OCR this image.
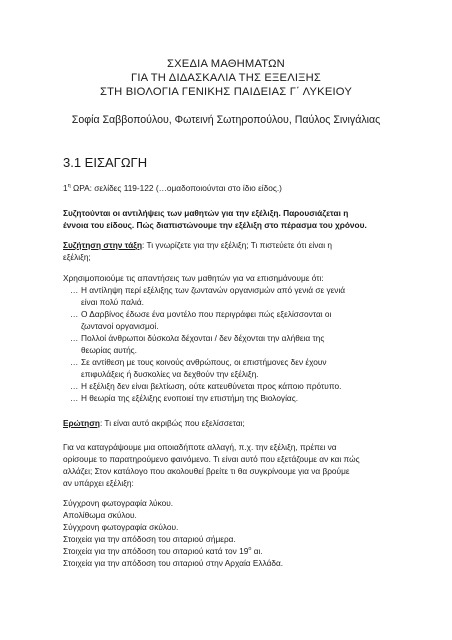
ΣΧΕΔΙΑ ΜΑΘΗΜΑΤΩΝ
ΓΙΑ ΤΗ ΔΙΔΑΣΚΑΛΙΑ ΤΗΣ ΕΞΕΛΙΞΗΣ
ΣΤΗ ΒΙΟΛΟΓΙΑ ΓΕΝΙΚΗΣ ΠΑΙΔΕΙΑΣ Γ΄ ΛΥΚΕΙΟΥ
Σοφία Σαββοπούλου, Φωτεινή Σωτηροπούλου, Παύλος Σινιγάλιας
3.1 ΕΙΣΑΓΩΓΗ
$1^\eta$ ΩΡΑ: σελίδες 119-122 (…ομαδοποιούνται στο ίδιο είδος.)
Συζητούνται οι αντιλήψεις των μαθητών για την εξέλιξη. Παρουσιάζεται η
έννοια του είδους. Πώς διαπιστώνουμε την εξέλιξη στο πέρασμα του χρόνου.
Συζήτηση στην τάξη: Τι γνωρίζετε για την εξέλιξη; Τι πιστεύετε ότι είναι η
εξέλιξη;
Χρησιμοποιούμε τις απαντήσεις των μαθητών για να επισημάνουμε ότι:
… Η αντίληψη περί εξέλιξης των ζωντανών οργανισμών από γενιά σε γενιά
είναι πολύ παλιά.
… Ο Δαρβίνος έδωσε ένα μοντέλο που περιγράφει πώς εξελίσσονται οι
ζωντανοί οργανισμοί.
… Πολλοί άνθρωποι δύσκολα δέχονται / δεν δέχονται την αλήθεια της
θεωρίας αυτής.
… Σε αντίθεση με τους κοινούς ανθρώπους, οι επιστήμονες δεν έχουν
επιφυλάξεις ή δυσκολίες να δεχθούν την εξέλιξη.
… Η εξέλιξη δεν είναι βελτίωση, ούτε κατευθύνεται προς κάποιο πρότυπο.
… Η θεωρία της εξέλιξης ενοποιεί την επιστήμη της Βιολογίας.
Ερώτηση: Τι είναι αυτό ακριβώς που εξελίσσεται;
Για να καταγράψουμε μια οποιαδήποτε αλλαγή, π.χ. την εξέλιξη, πρέπει να
ορίσουμε το παρατηρούμενο φαινόμενο. Τι είναι αυτό που εξετάζουμε αν και πώς
αλλάζει; Στον κατάλογο που ακολουθεί βρείτε τι θα συγκρίνουμε για να βρούμε
αν υπάρχει εξέλιξη:
Σύγχρονη φωτογραφία λύκου.
Απολίθωμα σκύλου.
Σύγχρονη φωτογραφία σκύλου.
Στοιχεία για την απόδοση του σιταριού σήμερα.
Στοιχεία για την απόδοση του σιταριού κατά τον $19^o$ αι.
Στοιχεία για την απόδοση του σιταριού στην Αρχαία Ελλάδα.
